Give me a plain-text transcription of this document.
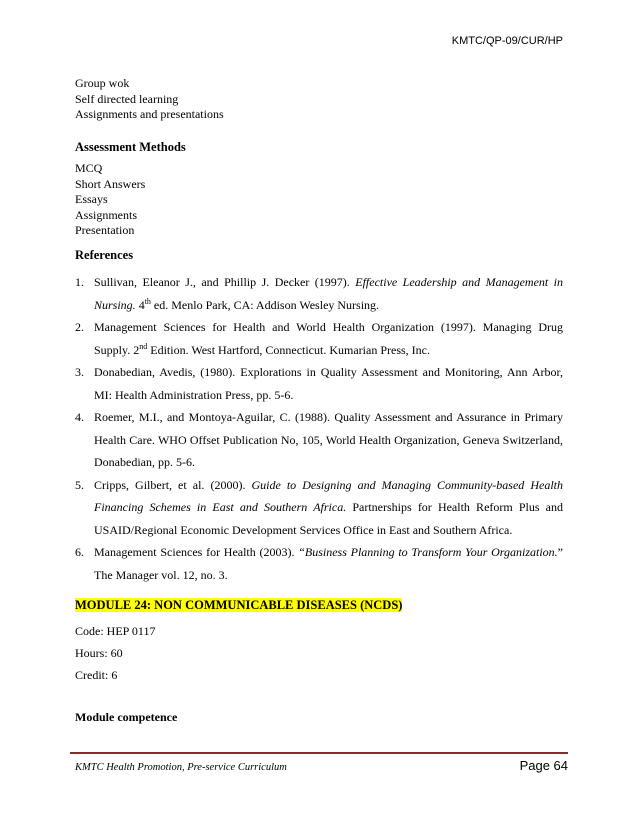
KMTC/QP-09/CUR/HP
Group wok
Self directed learning
Assignments and presentations
Assessment Methods
MCQ
Short Answers
Essays
Assignments
Presentation
References
1. Sullivan, Eleanor J., and Phillip J. Decker (1997). Effective Leadership and Management in Nursing. 4th ed. Menlo Park, CA: Addison Wesley Nursing.
2. Management Sciences for Health and World Health Organization (1997). Managing Drug Supply. 2nd Edition. West Hartford, Connecticut. Kumarian Press, Inc.
3. Donabedian, Avedis, (1980). Explorations in Quality Assessment and Monitoring, Ann Arbor, MI: Health Administration Press, pp. 5-6.
4. Roemer, M.I., and Montoya-Aguilar, C. (1988). Quality Assessment and Assurance in Primary Health Care. WHO Offset Publication No, 105, World Health Organization, Geneva Switzerland, Donabedian, pp. 5-6.
5. Cripps, Gilbert, et al. (2000). Guide to Designing and Managing Community-based Health Financing Schemes in East and Southern Africa. Partnerships for Health Reform Plus and USAID/Regional Economic Development Services Office in East and Southern Africa.
6. Management Sciences for Health (2003). “Business Planning to Transform Your Organization.” The Manager vol. 12, no. 3.
MODULE 24: NON COMMUNICABLE DISEASES (NCDS)
Code: HEP 0117
Hours: 60
Credit: 6
Module competence
KMTC Health Promotion, Pre-service Curriculum	Page 64
